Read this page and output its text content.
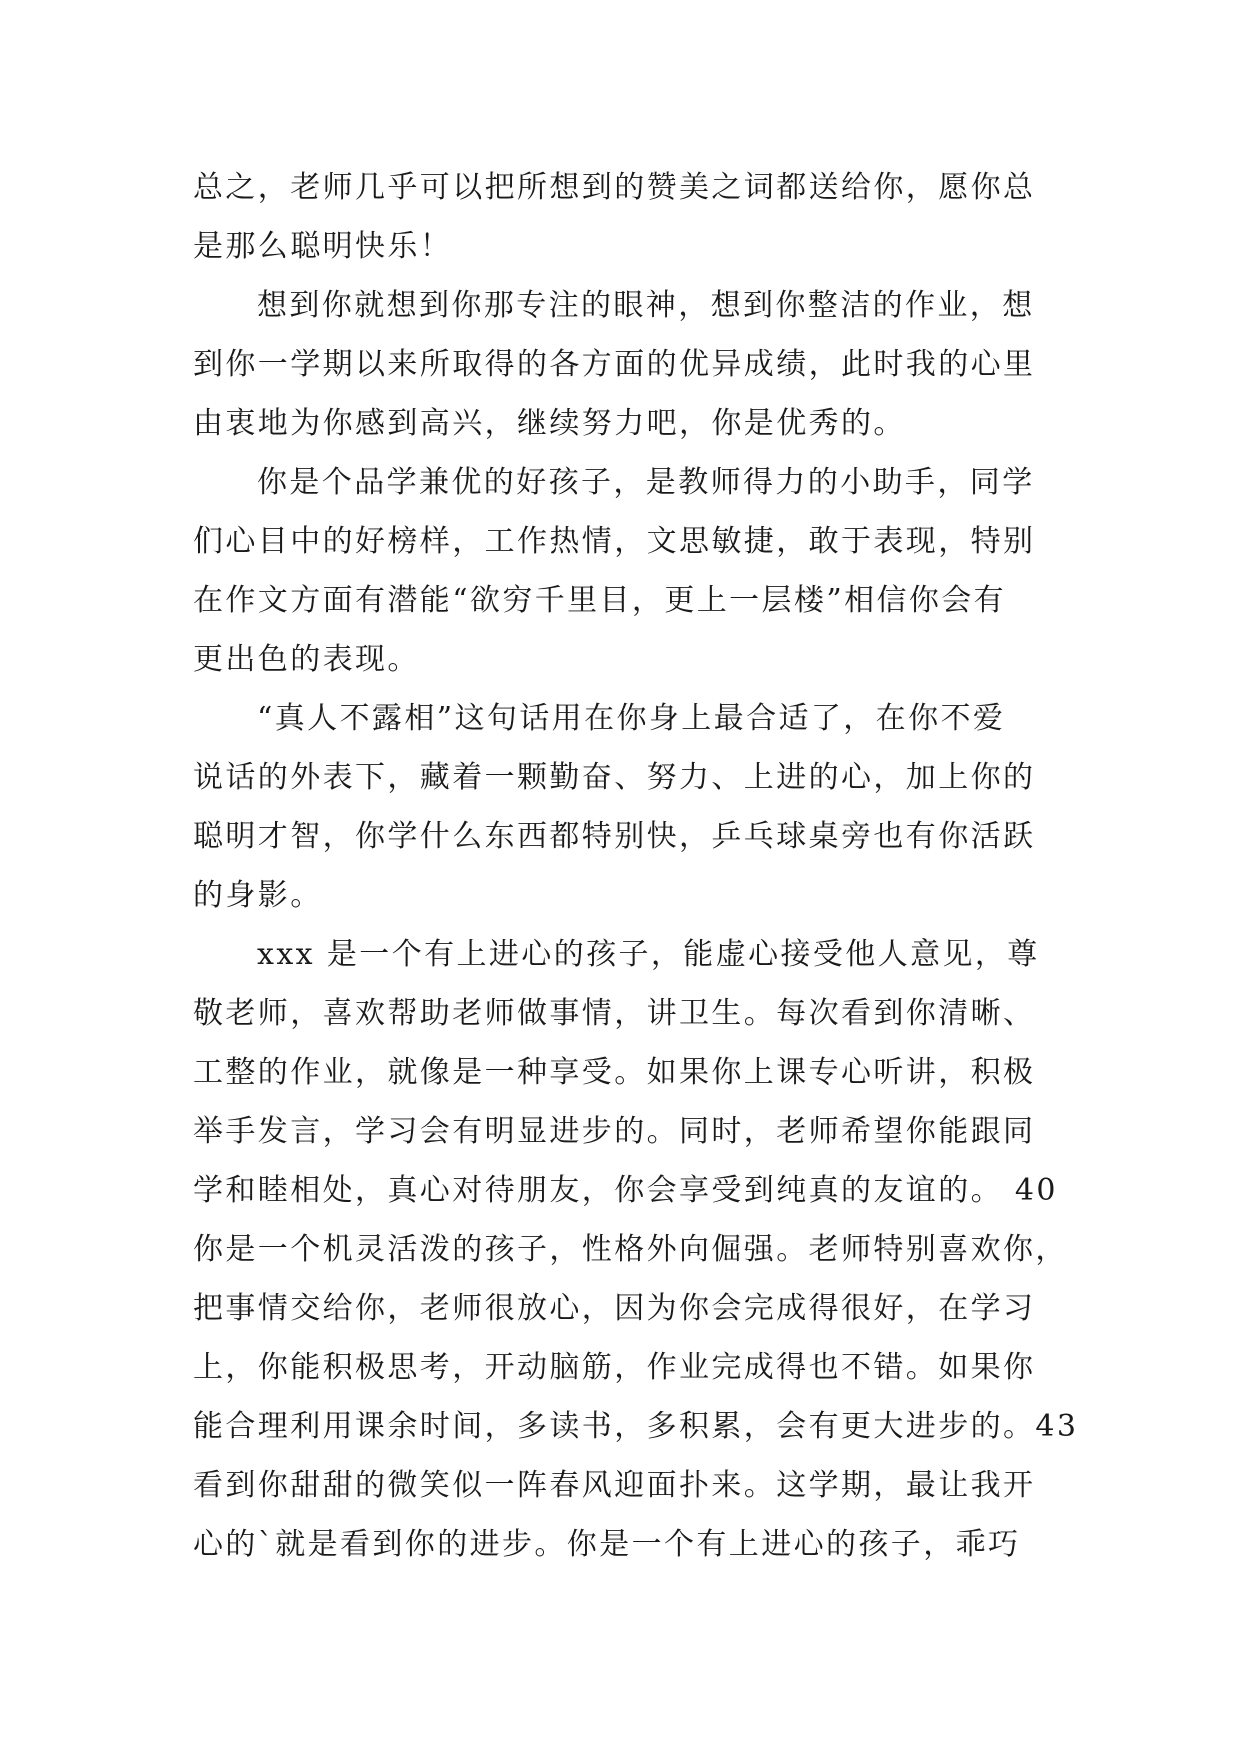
总之，老师几乎可以把所想到的赞美之词都送给你，愿你总
是那么聪明快乐！
想到你就想到你那专注的眼神，想到你整洁的作业，想
到你一学期以来所取得的各方面的优异成绩，此时我的心里
由衷地为你感到高兴，继续努力吧，你是优秀的。
你是个品学兼优的好孩子，是教师得力的小助手，同学
们心目中的好榜样，工作热情，文思敏捷，敢于表现，特别
在作文方面有潜能“欲穷千里目，更上一层楼”相信你会有
更出色的表现。
“真人不露相”这句话用在你身上最合适了，在你不爱
说话的外表下，藏着一颗勤奋、努力、上进的心，加上你的
聪明才智，你学什么东西都特别快，乒乓球桌旁也有你活跃
的身影。
xxx 是一个有上进心的孩子，能虚心接受他人意见，尊
敬老师，喜欢帮助老师做事情，讲卫生。每次看到你清晰、
工整的作业，就像是一种享受。如果你上课专心听讲，积极
举手发言，学习会有明显进步的。同时，老师希望你能跟同
学和睦相处，真心对待朋友，你会享受到纯真的友谊的。 40
你是一个机灵活泼的孩子，性格外向倔强。老师特别喜欢你，
把事情交给你，老师很放心，因为你会完成得很好，在学习
上，你能积极思考，开动脑筋，作业完成得也不错。如果你
能合理利用课余时间，多读书，多积累，会有更大进步的。43
看到你甜甜的微笑似一阵春风迎面扑来。这学期，最让我开
心的`就是看到你的进步。你是一个有上进心的孩子，乖巧
